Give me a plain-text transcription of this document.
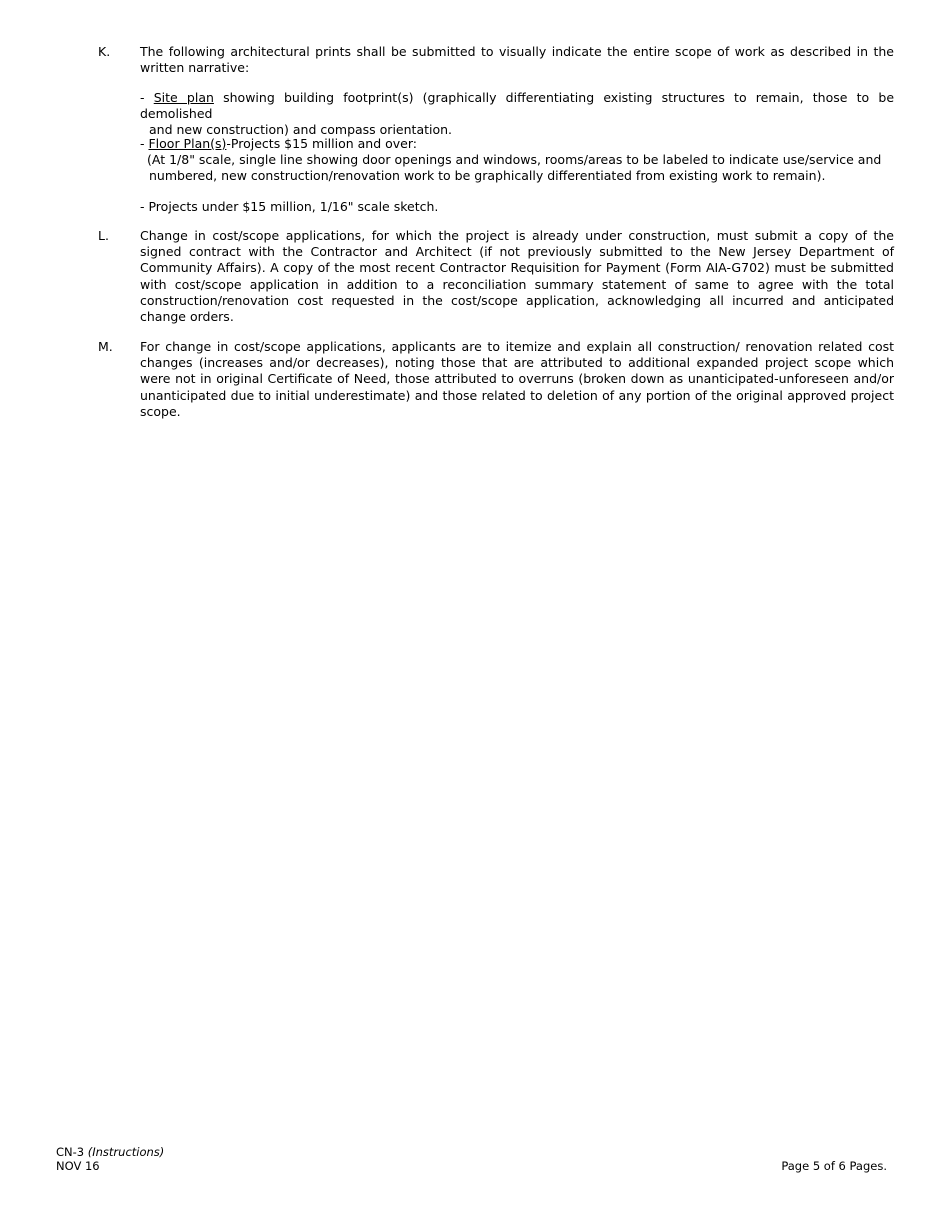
K. The following architectural prints shall be submitted to visually indicate the entire scope of work as described in the written narrative:
- Site plan showing building footprint(s) (graphically differentiating existing structures to remain, those to be demolished
and new construction) and compass orientation.
- Floor Plan(s)-Projects $15 million and over:
(At 1/8" scale, single line showing door openings and windows, rooms/areas to be labeled to indicate use/service and
numbered, new construction/renovation work to be graphically differentiated from existing work to remain).
- Projects under $15 million, 1/16" scale sketch.
L. Change in cost/scope applications, for which the project is already under construction, must submit a copy of the signed contract with the Contractor and Architect (if not previously submitted to the New Jersey Department of Community Affairs). A copy of the most recent Contractor Requisition for Payment (Form AIA-G702) must be submitted with cost/scope application in addition to a reconciliation summary statement of same to agree with the total construction/renovation cost requested in the cost/scope application, acknowledging all incurred and anticipated change orders.
M. For change in cost/scope applications, applicants are to itemize and explain all construction/ renovation related cost changes (increases and/or decreases), noting those that are attributed to additional expanded project scope which were not in original Certificate of Need, those attributed to overruns (broken down as unanticipated-unforeseen and/or unanticipated due to initial underestimate) and those related to deletion of any portion of the original approved project scope.
CN-3 (Instructions)
NOV 16	Page 5 of 6 Pages.
